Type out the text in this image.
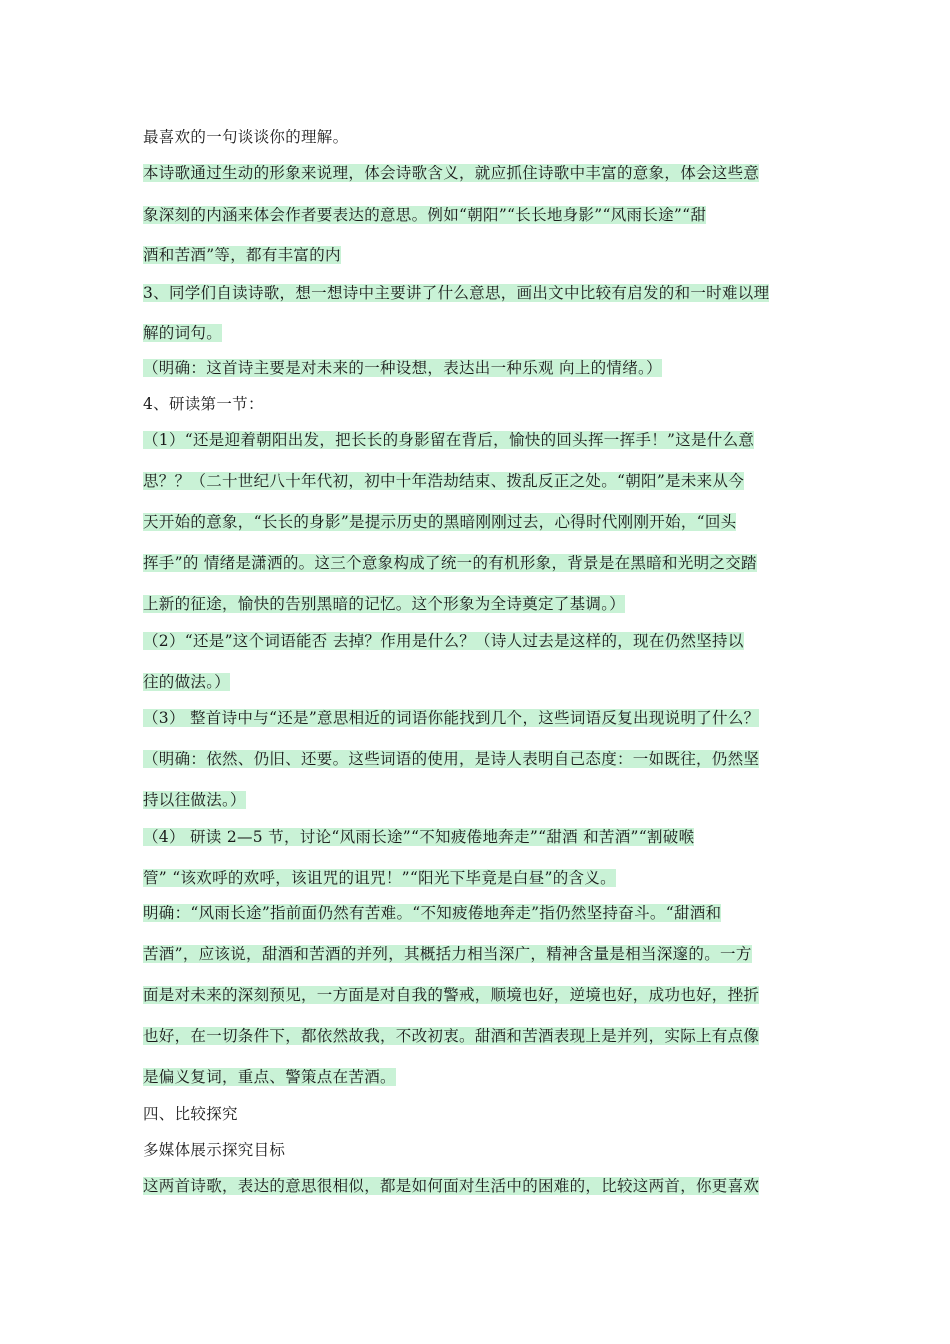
最喜欢的一句谈谈你的理解。
本诗歌通过生动的形象来说理，体会诗歌含义，就应抓住诗歌中丰富的意象，体会这些意
象深刻的内涵来体会作者要表达的意思。例如“朝阳”“长长地身影”“风雨长途”“甜
酒和苦酒”等，都有丰富的内
3、同学们自读诗歌，想一想诗中主要讲了什么意思，画出文中比较有启发的和一时难以理
解的词句。
（明确：这首诗主要是对未来的一种设想，表达出一种乐观 向上的情绪。）
4、研读第一节：
（1）“还是迎着朝阳出发，把长长的身影留在背后，愉快的回头挥一挥手！”这是什么意
思？？（二十世纪八十年代初，初中十年浩劫结束、拨乱反正之处。“朝阳”是未来从今
天开始的意象，“长长的身影”是提示历史的黑暗刚刚过去，心得时代刚刚开始，“回头
挥手”的 情绪是潇洒的。这三个意象构成了统一的有机形象，背景是在黑暗和光明之交踏
上新的征途，愉快的告别黑暗的记忆。这个形象为全诗奠定了基调。）
（2）“还是”这个词语能否 去掉？作用是什么？（诗人过去是这样的，现在仍然坚持以
往的做法。）
（3） 整首诗中与“还是”意思相近的词语你能找到几个，这些词语反复出现说明了什么？
（明确：依然、仍旧、还要。这些词语的使用，是诗人表明自己态度：一如既往，仍然坚
持以往做法。）
（4） 研读 2—5 节，讨论“风雨长途”“不知疲倦地奔走”“甜酒 和苦酒”“割破喉
管” “该欢呼的欢呼，该诅咒的诅咒！”“阳光下毕竟是白昼”的含义。
明确：“风雨长途”指前面仍然有苦难。“不知疲倦地奔走”指仍然坚持奋斗。“甜酒和
苦酒”，应该说，甜酒和苦酒的并列，其概括力相当深广，精神含量是相当深邃的。一方
面是对未来的深刻预见，一方面是对自我的警戒，顺境也好，逆境也好，成功也好，挫折
也好，在一切条件下，都依然故我，不改初衷。甜酒和苦酒表现上是并列，实际上有点像
是偏义复词，重点、警策点在苦酒。
四、比较探究
多媒体展示探究目标
这两首诗歌，表达的意思很相似，都是如何面对生活中的困难的，比较这两首，你更喜欢
